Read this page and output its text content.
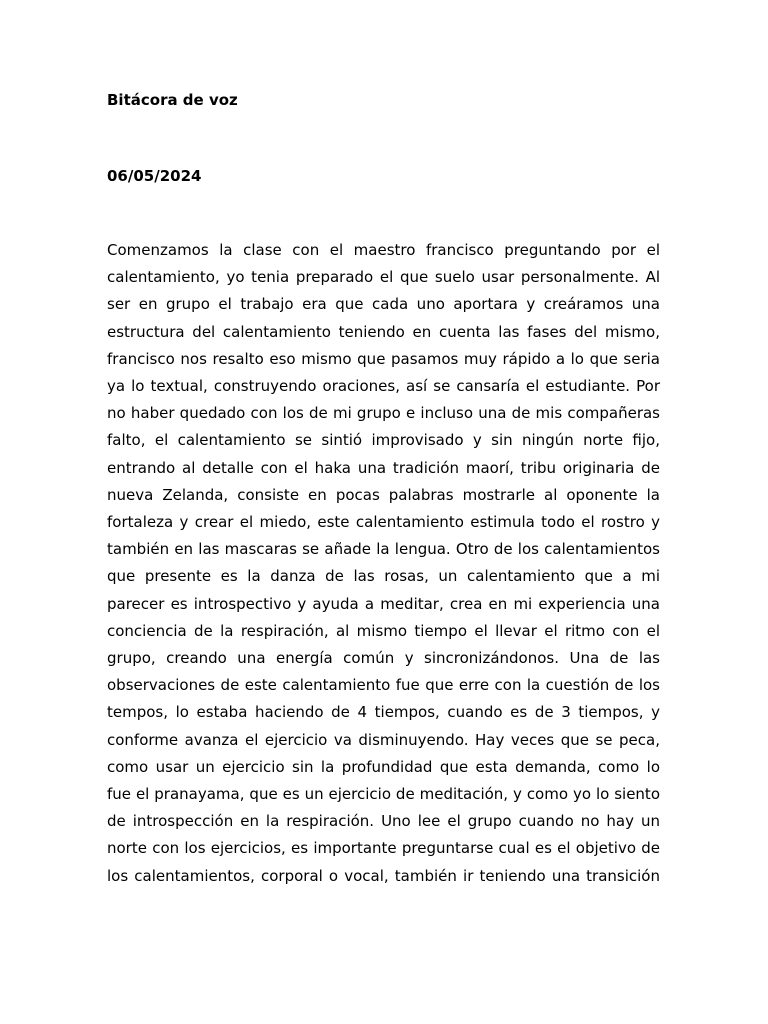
Bitácora de voz

06/05/2024

Comenzamos la clase con el maestro francisco preguntando por el
calentamiento, yo tenia preparado el que suelo usar personalmente. Al
ser en grupo el trabajo era que cada uno aportara y creáramos una
estructura del calentamiento teniendo en cuenta las fases del mismo,
francisco nos resalto eso mismo que pasamos muy rápido a lo que seria
ya lo textual, construyendo oraciones, así se cansaría el estudiante. Por
no haber quedado con los de mi grupo e incluso una de mis compañeras
falto, el calentamiento se sintió improvisado y sin ningún norte fijo,
entrando al detalle con el haka una tradición maorí, tribu originaria de
nueva Zelanda, consiste en pocas palabras mostrarle al oponente la
fortaleza y crear el miedo, este calentamiento estimula todo el rostro y
también en las mascaras se añade la lengua. Otro de los calentamientos
que presente es la danza de las rosas, un calentamiento que a mi
parecer es introspectivo y ayuda a meditar, crea en mi experiencia una
conciencia de la respiración, al mismo tiempo el llevar el ritmo con el
grupo, creando una energía común y sincronizándonos. Una de las
observaciones de este calentamiento fue que erre con la cuestión de los
tempos, lo estaba haciendo de 4 tiempos, cuando es de 3 tiempos, y
conforme avanza el ejercicio va disminuyendo. Hay veces que se peca,
como usar un ejercicio sin la profundidad que esta demanda, como lo
fue el pranayama, que es un ejercicio de meditación, y como yo lo siento
de introspección en la respiración. Uno lee el grupo cuando no hay un
norte con los ejercicios, es importante preguntarse cual es el objetivo de
los calentamientos, corporal o vocal, también ir teniendo una transición
